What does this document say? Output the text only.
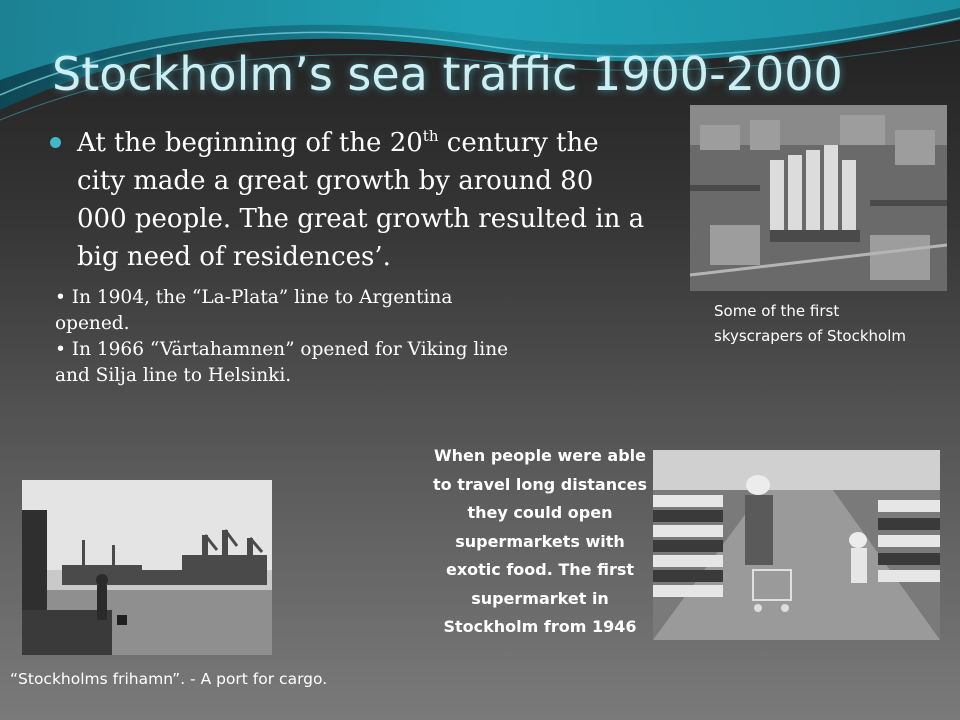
Stockholm’s sea traffic 1900-2000
At the beginning of the 20th century the city made a great growth by around 80 000 people. The great growth resulted in a big need of residences’.

• In 1904, the “La-Plata” line to Argentina opened.

• In 1966 “Värtahamnen” opened for Viking line and Silja line to Helsinki.

Some of the first skyscrapers of Stockholm
When people were able to travel long distances they could open supermarkets with exotic food. The first supermarket in Stockholm from 1946
“Stockholms frihamn”. - A port for cargo.
